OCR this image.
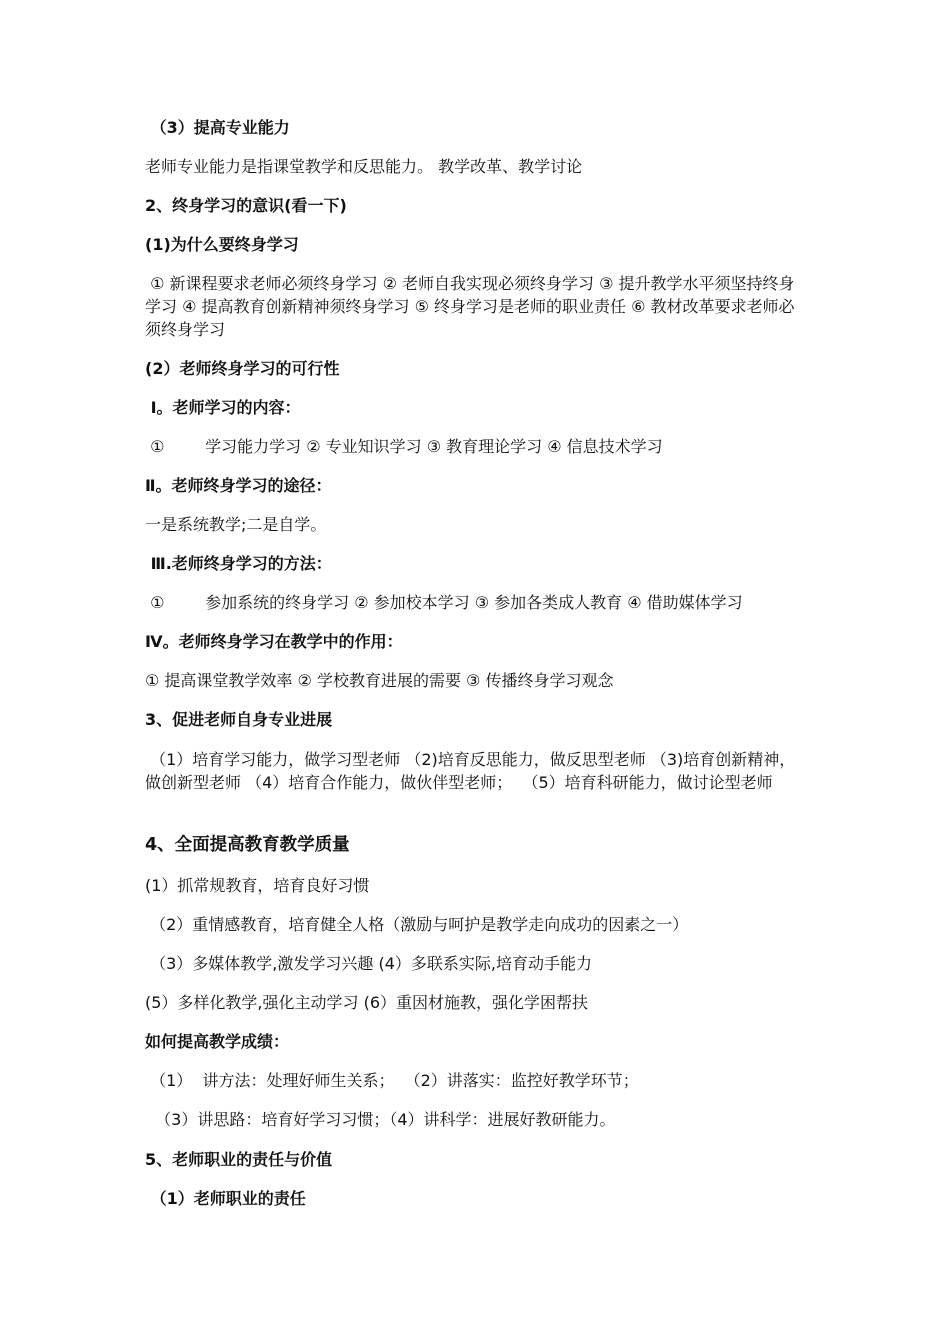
（3）提高专业能力
老师专业能力是指课堂教学和反思能力。 教学改革、教学讨论
2、终身学习的意识(看一下)
(1)为什么要终身学习
① 新课程要求老师必须终身学习 ② 老师自我实现必须终身学习 ③ 提升教学水平须坚持终身学习 ④ 提高教育创新精神须终身学习 ⑤ 终身学习是老师的职业责任 ⑥ 教材改革要求老师必须终身学习
(2）老师终身学习的可行性
Ⅰ。老师学习的内容：
①        学习能力学习 ② 专业知识学习 ③ 教育理论学习 ④ 信息技术学习
Ⅱ。老师终身学习的途径：
一是系统教学;二是自学。
Ⅲ.老师终身学习的方法：
①        参加系统的终身学习 ② 参加校本学习 ③ 参加各类成人教育 ④ 借助媒体学习
Ⅳ。老师终身学习在教学中的作用：
① 提高课堂教学效率 ② 学校教育进展的需要 ③ 传播终身学习观念
3、促进老师自身专业进展
（1）培育学习能力，做学习型老师 （2)培育反思能力，做反思型老师 （3)培育创新精神，做创新型老师 （4）培育合作能力，做伙伴型老师；  （5）培育科研能力，做讨论型老师
4、全面提高教育教学质量
(1）抓常规教育，培育良好习惯
（2）重情感教育，培育健全人格（激励与呵护是教学走向成功的因素之一）
（3）多媒体教学,激发学习兴趣 (4）多联系实际,培育动手能力
(5）多样化教学,强化主动学习 (6）重因材施教，强化学困帮扶
如何提高教学成绩：
（1）  讲方法：处理好师生关系；  （2）讲落实：监控好教学环节；
（3）讲思路：培育好学习习惯；（4）讲科学：进展好教研能力。
5、老师职业的责任与价值
（1）老师职业的责任
